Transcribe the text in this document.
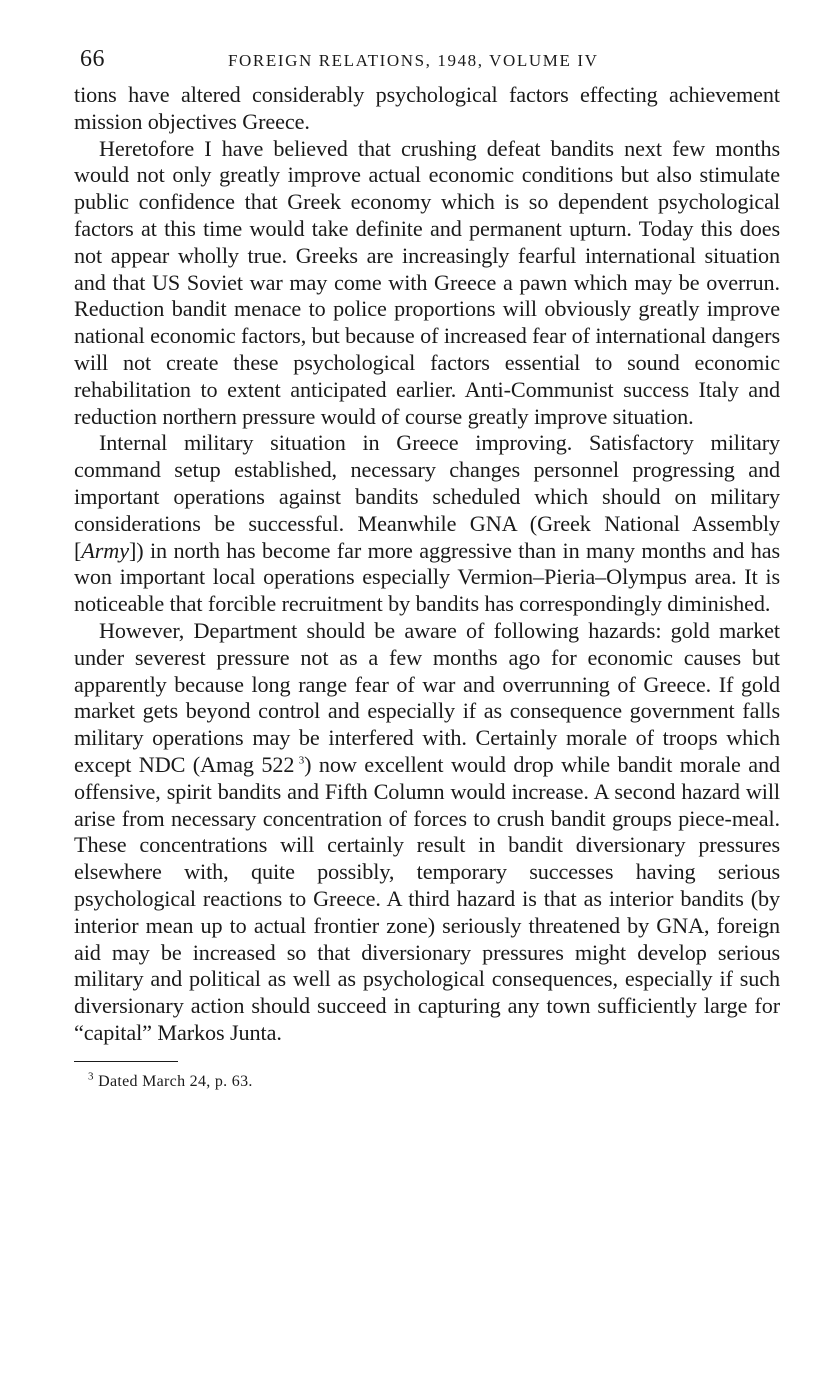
66	FOREIGN RELATIONS, 1948, VOLUME IV

tions have altered considerably psychological factors effecting achievement mission objectives Greece.

Heretofore I have believed that crushing defeat bandits next few months would not only greatly improve actual economic conditions but also stimulate public confidence that Greek economy which is so dependent psychological factors at this time would take definite and permanent upturn. Today this does not appear wholly true. Greeks are increasingly fearful international situation and that US Soviet war may come with Greece a pawn which may be overrun. Reduction bandit menace to police proportions will obviously greatly improve national economic factors, but because of increased fear of international dangers will not create these psychological factors essential to sound economic rehabilitation to extent anticipated earlier. Anti-Communist success Italy and reduction northern pressure would of course greatly improve situation.

Internal military situation in Greece improving. Satisfactory military command setup established, necessary changes personnel progressing and important operations against bandits scheduled which should on military considerations be successful. Meanwhile GNA (Greek National Assembly [Army]) in north has become far more aggressive than in many months and has won important local operations especially Vermion–Pieria–Olympus area. It is noticeable that forcible recruitment by bandits has correspondingly diminished.

However, Department should be aware of following hazards: gold market under severest pressure not as a few months ago for economic causes but apparently because long range fear of war and overrunning of Greece. If gold market gets beyond control and especially if as consequence government falls military operations may be interfered with. Certainly morale of troops which except NDC (Amag 522  $^3$) now excellent would drop while bandit morale and offensive, spirit bandits and Fifth Column would increase. A second hazard will arise from necessary concentration of forces to crush bandit groups piece-meal. These concentrations will certainly result in bandit diversionary pressures elsewhere with, quite possibly, temporary successes having serious psychological reactions to Greece. A third hazard is that as interior bandits (by interior mean up to actual frontier zone) seriously threatened by GNA, foreign aid may be increased so that diversionary pressures might develop serious military and political as well as psychological consequences, especially if such diversionary action should succeed in capturing any town sufficiently large for “capital” Markos Junta.

$^3$ Dated March 24, p. 63.
